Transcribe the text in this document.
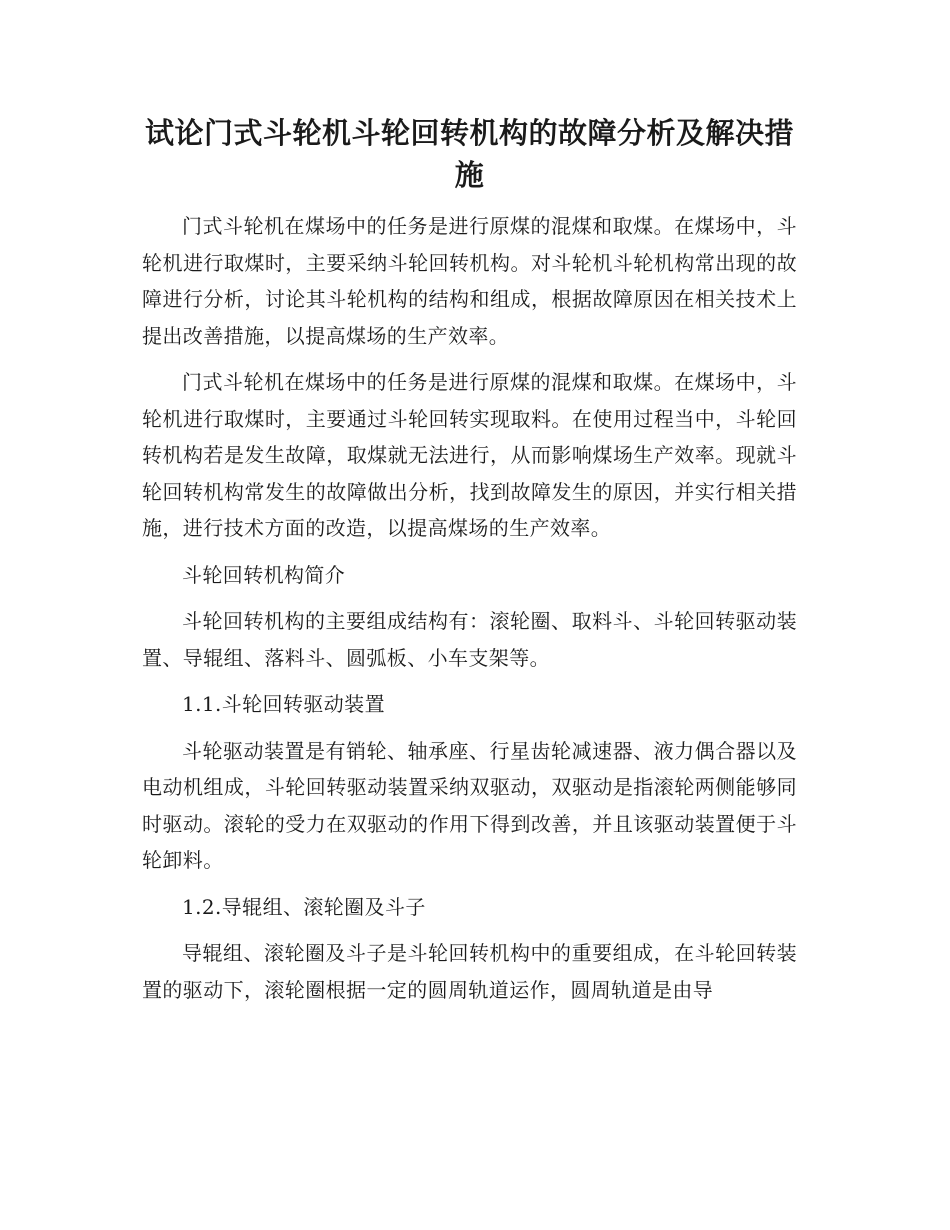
试论门式斗轮机斗轮回转机构的故障分析及解决措施

门式斗轮机在煤场中的任务是进行原煤的混煤和取煤。在煤场中，斗轮机进行取煤时，主要采纳斗轮回转机构。对斗轮机斗轮机构常出现的故障进行分析，讨论其斗轮机构的结构和组成，根据故障原因在相关技术上提出改善措施，以提高煤场的生产效率。

门式斗轮机在煤场中的任务是进行原煤的混煤和取煤。在煤场中，斗轮机进行取煤时，主要通过斗轮回转实现取料。在使用过程当中，斗轮回转机构若是发生故障，取煤就无法进行，从而影响煤场生产效率。现就斗轮回转机构常发生的故障做出分析，找到故障发生的原因，并实行相关措施，进行技术方面的改造，以提高煤场的生产效率。

斗轮回转机构简介

斗轮回转机构的主要组成结构有：滚轮圈、取料斗、斗轮回转驱动装置、导辊组、落料斗、圆弧板、小车支架等。

1.1.斗轮回转驱动装置

斗轮驱动装置是有销轮、轴承座、行星齿轮减速器、液力偶合器以及电动机组成，斗轮回转驱动装置采纳双驱动，双驱动是指滚轮两侧能够同时驱动。滚轮的受力在双驱动的作用下得到改善，并且该驱动装置便于斗轮卸料。

1.2.导辊组、滚轮圈及斗子

导辊组、滚轮圈及斗子是斗轮回转机构中的重要组成，在斗轮回转装置的驱动下，滚轮圈根据一定的圆周轨道运作，圆周轨道是由导
